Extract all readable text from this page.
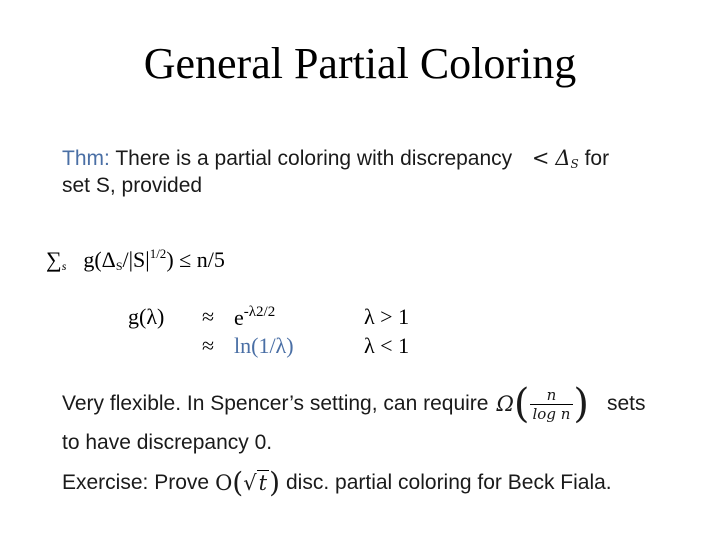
General Partial Coloring
Thm: There is a partial coloring with discrepancy < $\Delta_S$ for
set S, provided
$\sum_s$ $g(\Delta_S/|S|^{1/2}) \le n/5$
$g(\lambda) \approx e^{-\lambda 2/2}$
≈ ln(1/λ)
λ > 1
λ < 1
Very flexible. In Spencer’s setting, can require Ω ( $\frac{n}{\text{log n}}$ ) sets
to have discrepancy 0.
Exercise: Prove O ( √ t ) disc. partial coloring for Beck Fiala.
